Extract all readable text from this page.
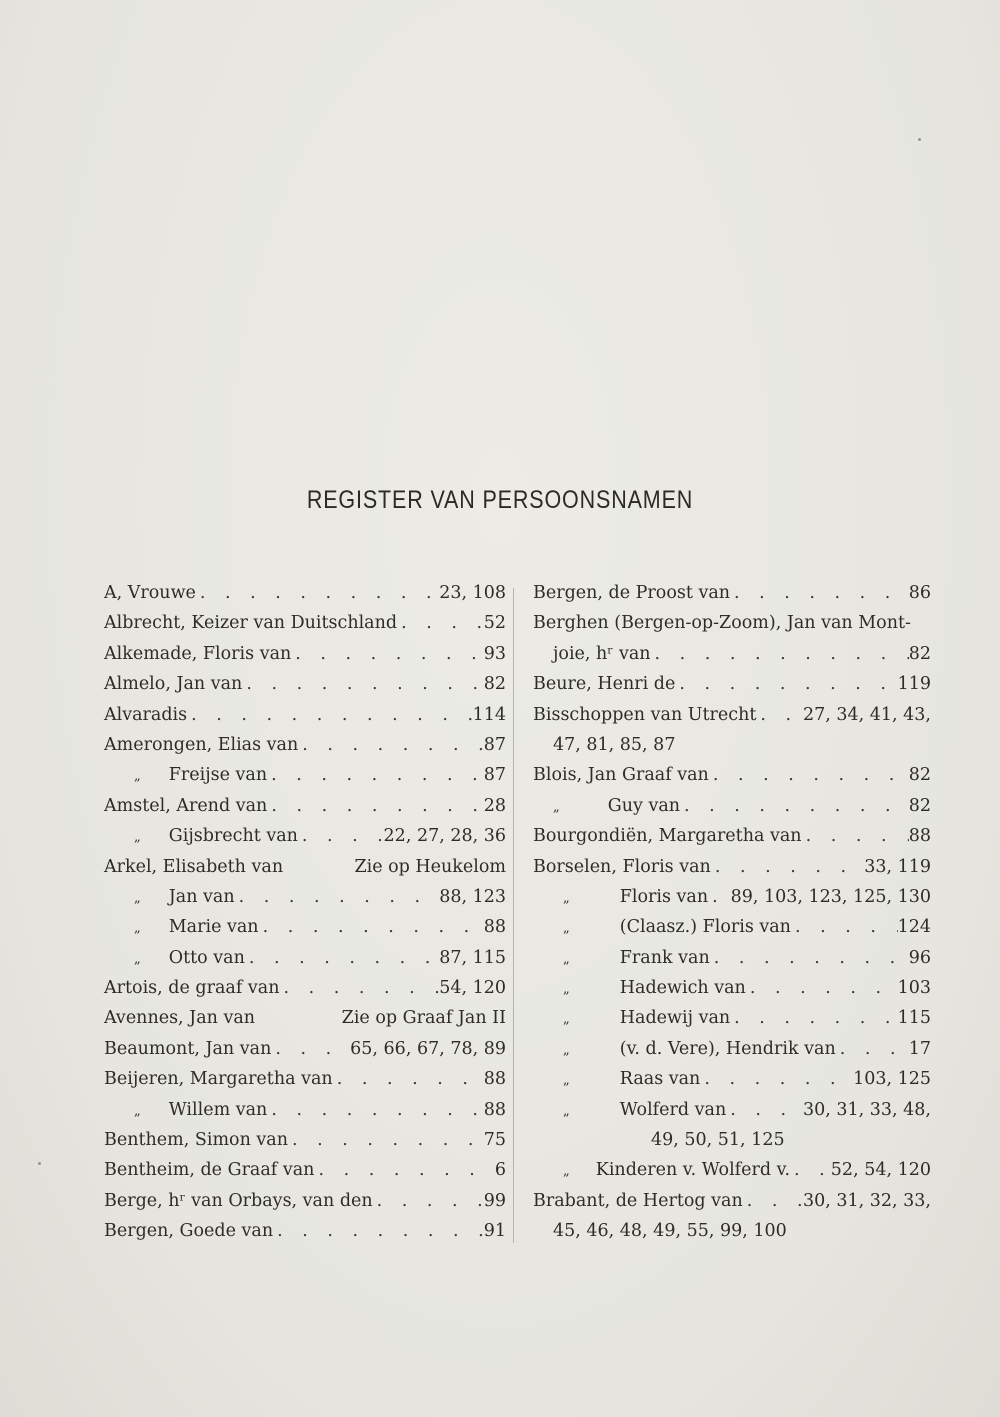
REGISTER VAN PERSOONSNAMEN
A, Vrouwe . . .	23, 108
Albrecht, Keizer van Duitschland . . .	52
Alkemade, Floris van . . .	93
Almelo, Jan van . . .	82
Alvaradis . . .	114
Amerongen, Elias van . . .	87
„ Freijse van . . .	87
Amstel, Arend van . . .	28
„ Gijsbrecht van . . .	22, 27, 28, 36
Arkel, Elisabeth van	Zie op Heukelom
„ Jan van . . .	88, 123
„ Marie van . . .	88
„ Otto van . . .	87, 115
Artois, de graaf van . . .	54, 120
Avennes, Jan van	Zie op Graaf Jan II
Beaumont, Jan van . . .	65, 66, 67, 78, 89
Beijeren, Margaretha van . . .	88
„ Willem van . . .	88
Benthem, Simon van . . .	75
Bentheim, de Graaf van . . .	6
Berge, hʳ van Orbays, van den . . .	99
Bergen, Goede van . . .	91
Bergen, de Proost van . . .	86
Berghen (Bergen-op-Zoom), Jan van Mont-
joie, hʳ van . . .	82
Beure, Henri de . . .	119
Bisschoppen van Utrecht . . .	27, 34, 41, 43,
47, 81, 85, 87
Blois, Jan Graaf van . . .	82
„	Guy van . . .	82
Bourgondiën, Margaretha van . . .	88
Borselen, Floris van . . .	33, 119
„	Floris van . . . 89, 103, 123, 125, 130
„	(Claasz.) Floris van . . .	124
„	Frank van . . .	96
„	Hadewich van . . .	103
„	Hadewij van . . .	115
„	(v. d. Vere), Hendrik van . . .	17
„	Raas van . . .	103, 125
„	Wolferd van . . .	30, 31, 33, 48,
49, 50, 51, 125
„ Kinderen v. Wolferd v. . . . 52, 54, 120
Brabant, de Hertog van . . .	30, 31, 32, 33,
45, 46, 48, 49, 55, 99, 100
